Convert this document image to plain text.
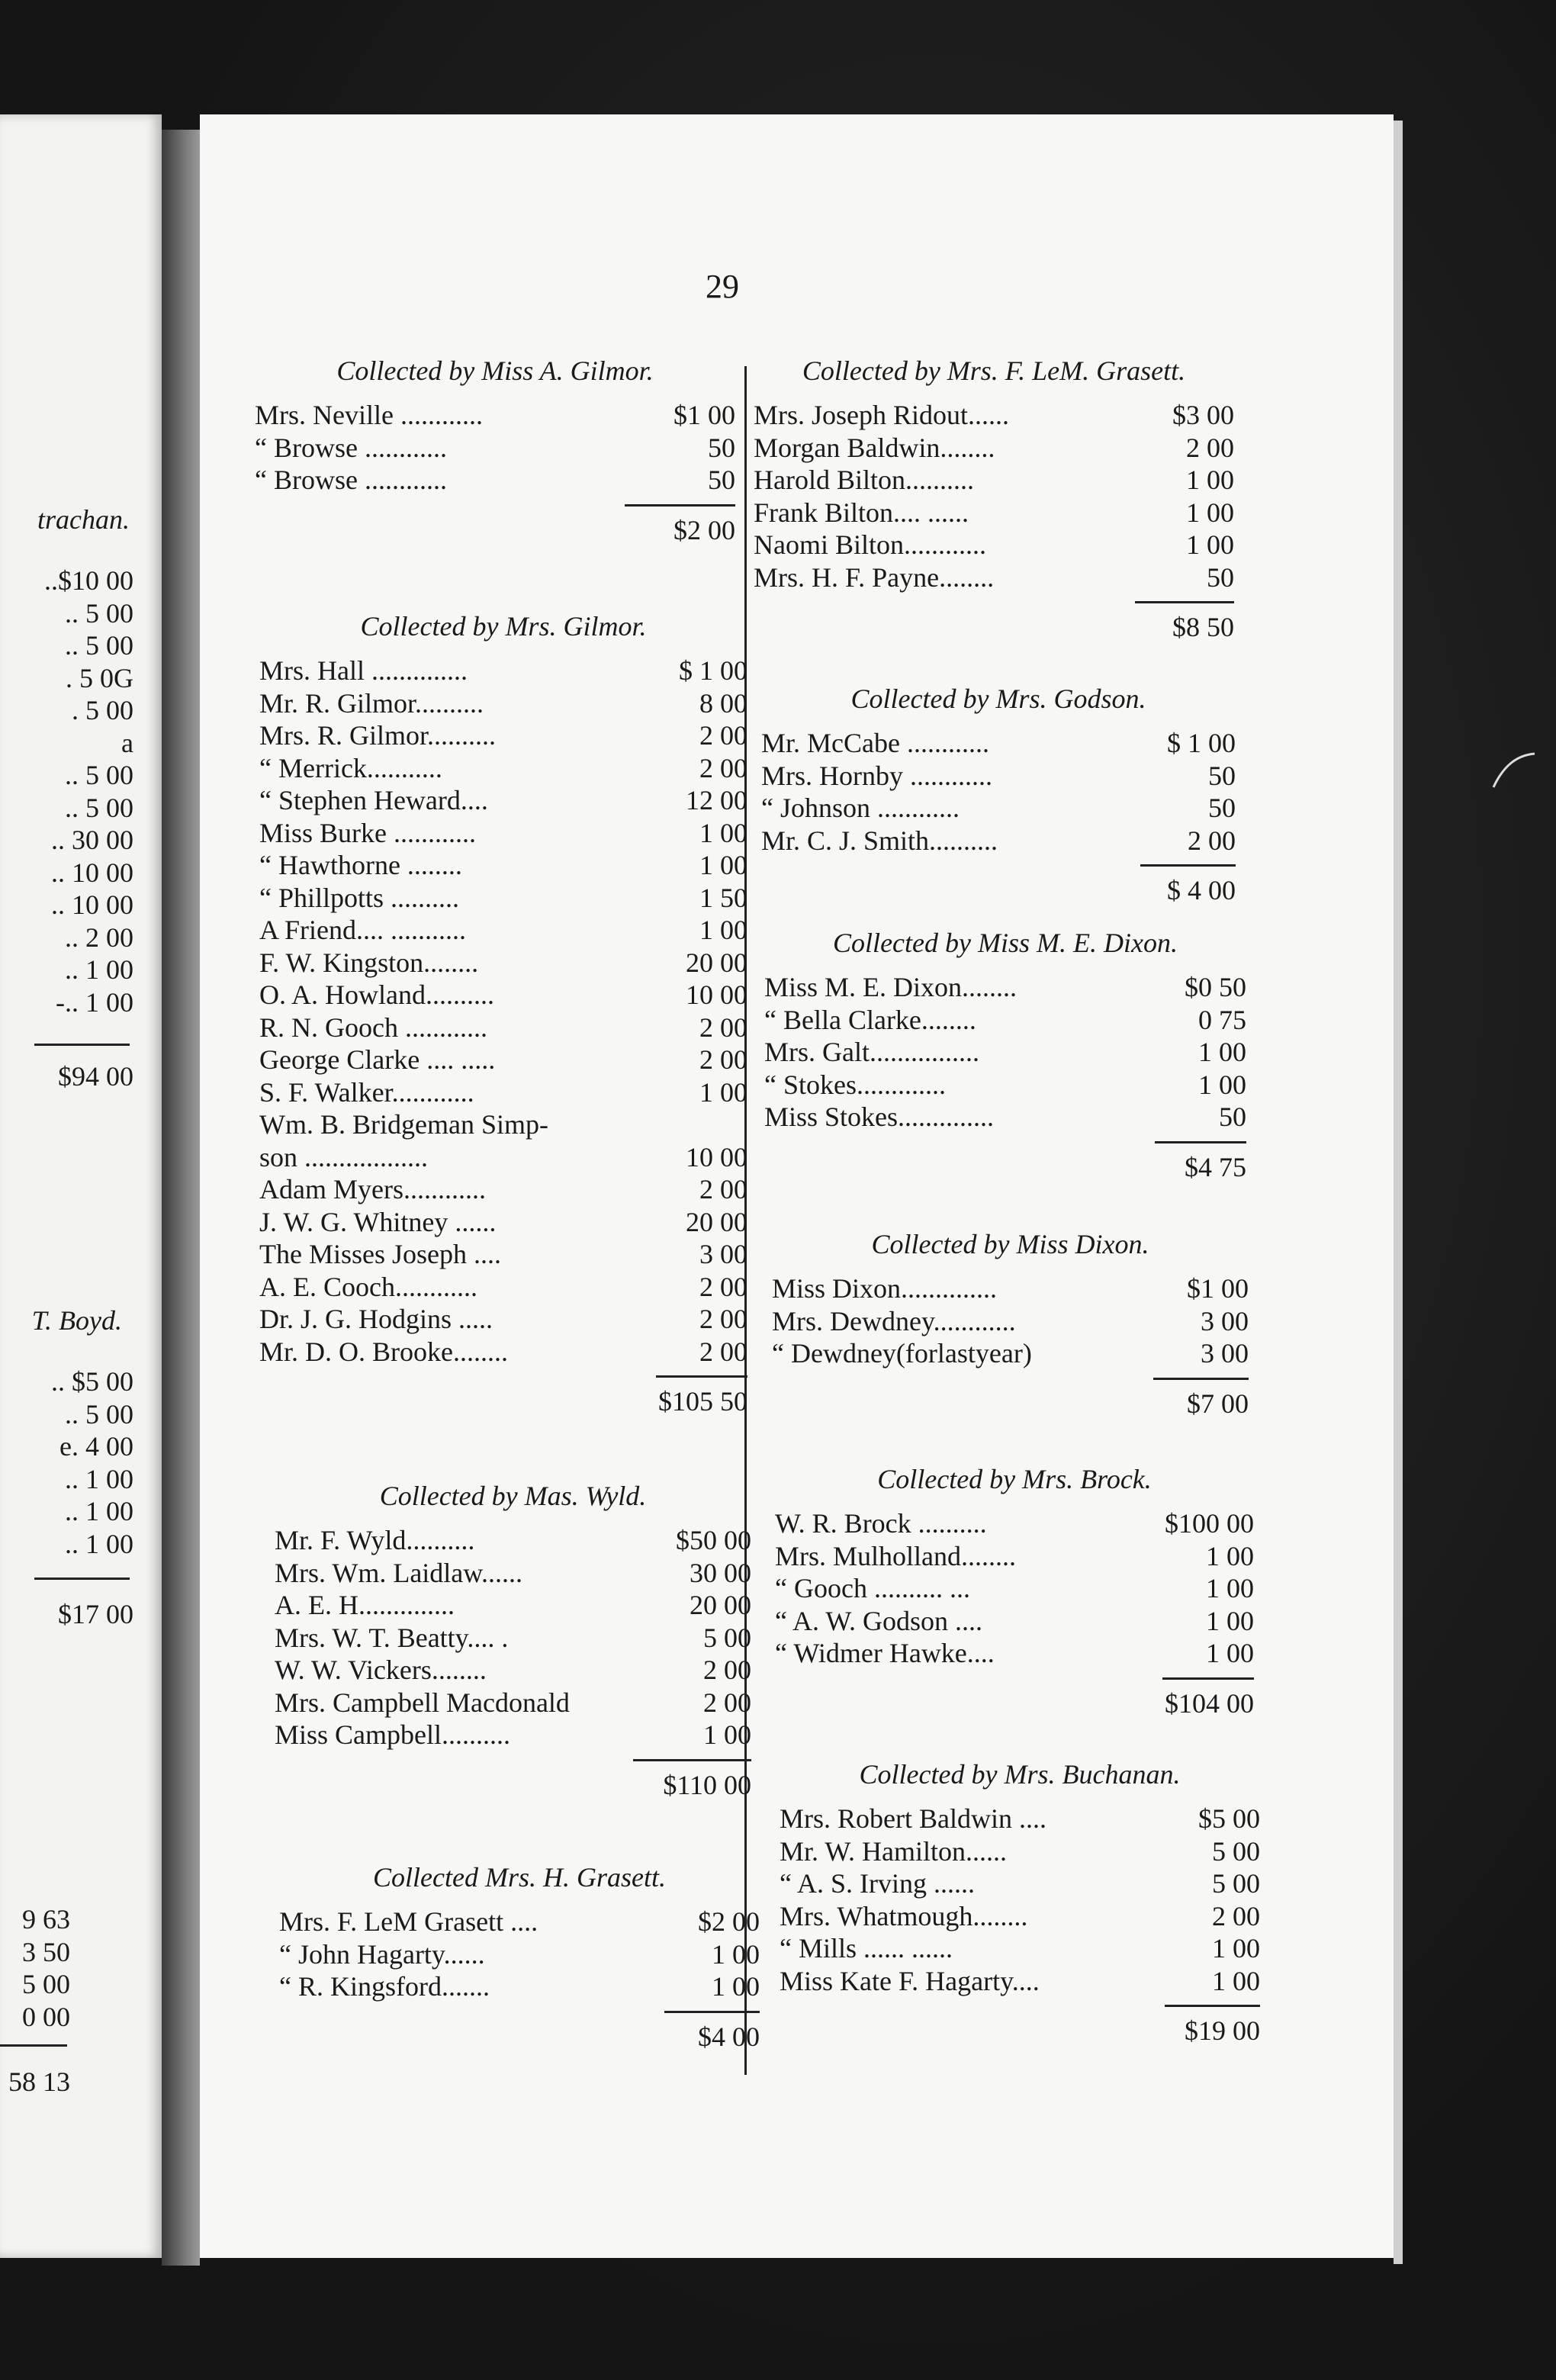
trachan.
..$10 00
.. 5 00
.. 5 00
. 5 0G
. 5 00
a
.. 5 00
.. 5 00
.. 30 00
.. 10 00
.. 10 00
.. 2 00
.. 1 00
-.. 1 00
$94 00
T. Boyd.
.. $5 00
.. 5 00
e. 4 00
.. 1 00
.. 1 00
.. 1 00
$17 00
9 63
3 50
5 00
0 00
58 13
29
Collected by Miss A. Gilmor.
Mrs. Neville ............	$1 00
“ Browse ............	50
“ Browse ............	50
$2 00
Collected by Mrs. Gilmor.
Mrs. Hall ..............	$ 1 00
Mr. R. Gilmor..........	8 00
Mrs. R. Gilmor..........	2 00
“ Merrick...........	2 00
“ Stephen Heward....	12 00
Miss Burke ............	1 00
“ Hawthorne ........	1 00
“ Phillpotts ..........	1 50
A Friend.... ...........	1 00
F. W. Kingston........	20 00
O. A. Howland..........	10 00
R. N. Gooch ............	2 00
George Clarke .... .....	2 00
S. F. Walker............	1 00
Wm. B. Bridgeman Simp-
son ..................	10 00
Adam Myers............	2 00
J. W. G. Whitney ......	20 00
The Misses Joseph ....	3 00
A. E. Cooch............	2 00
Dr. J. G. Hodgins .....	2 00
Mr. D. O. Brooke........	2 00
$105 50
Collected by Mas. Wyld.
Mr. F. Wyld..........	$50 00
Mrs. Wm. Laidlaw......	30 00
A. E. H..............	20 00
Mrs. W. T. Beatty.... .	5 00
W. W. Vickers........	2 00
Mrs. Campbell Macdonald	2 00
Miss Campbell..........	1 00
$110 00
Collected Mrs. H. Grasett.
Mrs. F. LeM Grasett ....	$2 00
“ John Hagarty......	1 00
“ R. Kingsford.......	1 00
$4 00
Collected by Mrs. F. LeM. Grasett.
Mrs. Joseph Ridout......	$3 00
Morgan Baldwin........	2 00
Harold Bilton..........	1 00
Frank Bilton.... ......	1 00
Naomi Bilton............	1 00
Mrs. H. F. Payne........	50
$8 50
Collected by Mrs. Godson.
Mr. McCabe ............	$ 1 00
Mrs. Hornby ............	50
“ Johnson ............	50
Mr. C. J. Smith..........	2 00
$ 4 00
Collected by Miss M. E. Dixon.
Miss M. E. Dixon........	$0 50
“ Bella Clarke........	0 75
Mrs. Galt................	1 00
“ Stokes.............	1 00
Miss Stokes..............	50
$4 75
Collected by Miss Dixon.
Miss Dixon..............	$1 00
Mrs. Dewdney............	3 00
“ Dewdney(forlastyear)	3 00
$7 00
Collected by Mrs. Brock.
W. R. Brock ..........	$100 00
Mrs. Mulholland........	1 00
“ Gooch .......... ...	1 00
“ A. W. Godson ....	1 00
“ Widmer Hawke....	1 00
$104 00
Collected by Mrs. Buchanan.
Mrs. Robert Baldwin ....	$5 00
Mr. W. Hamilton......	5 00
“ A. S. Irving ......	5 00
Mrs. Whatmough........	2 00
“ Mills ...... ......	1 00
Miss Kate F. Hagarty....	1 00
$19 00
